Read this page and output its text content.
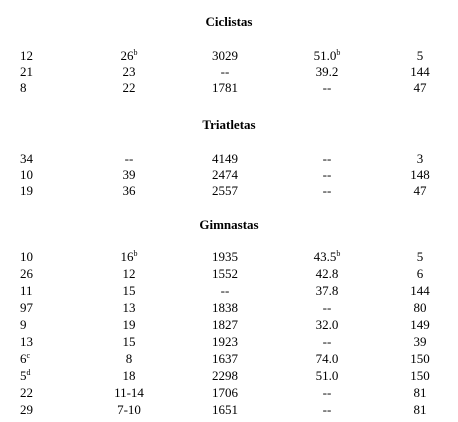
Ciclistas
12	26$^b$	3029	51.0$^b$	5
21	23	--	39.2	144
8	22	1781	--	47
Triatletas
34	--	4149	--	3
10	39	2474	--	148
19	36	2557	--	47
Gimnastas
10	16$^b$	1935	43.5$^b$	5
26	12	1552	42.8	6
11	15	--	37.8	144
97	13	1838	--	80
9	19	1827	32.0	149
13	15	1923	--	39
6$^c$	8	1637	74.0	150
5$^d$	18	2298	51.0	150
22	11-14	1706	--	81
29	7-10	1651	--	81
